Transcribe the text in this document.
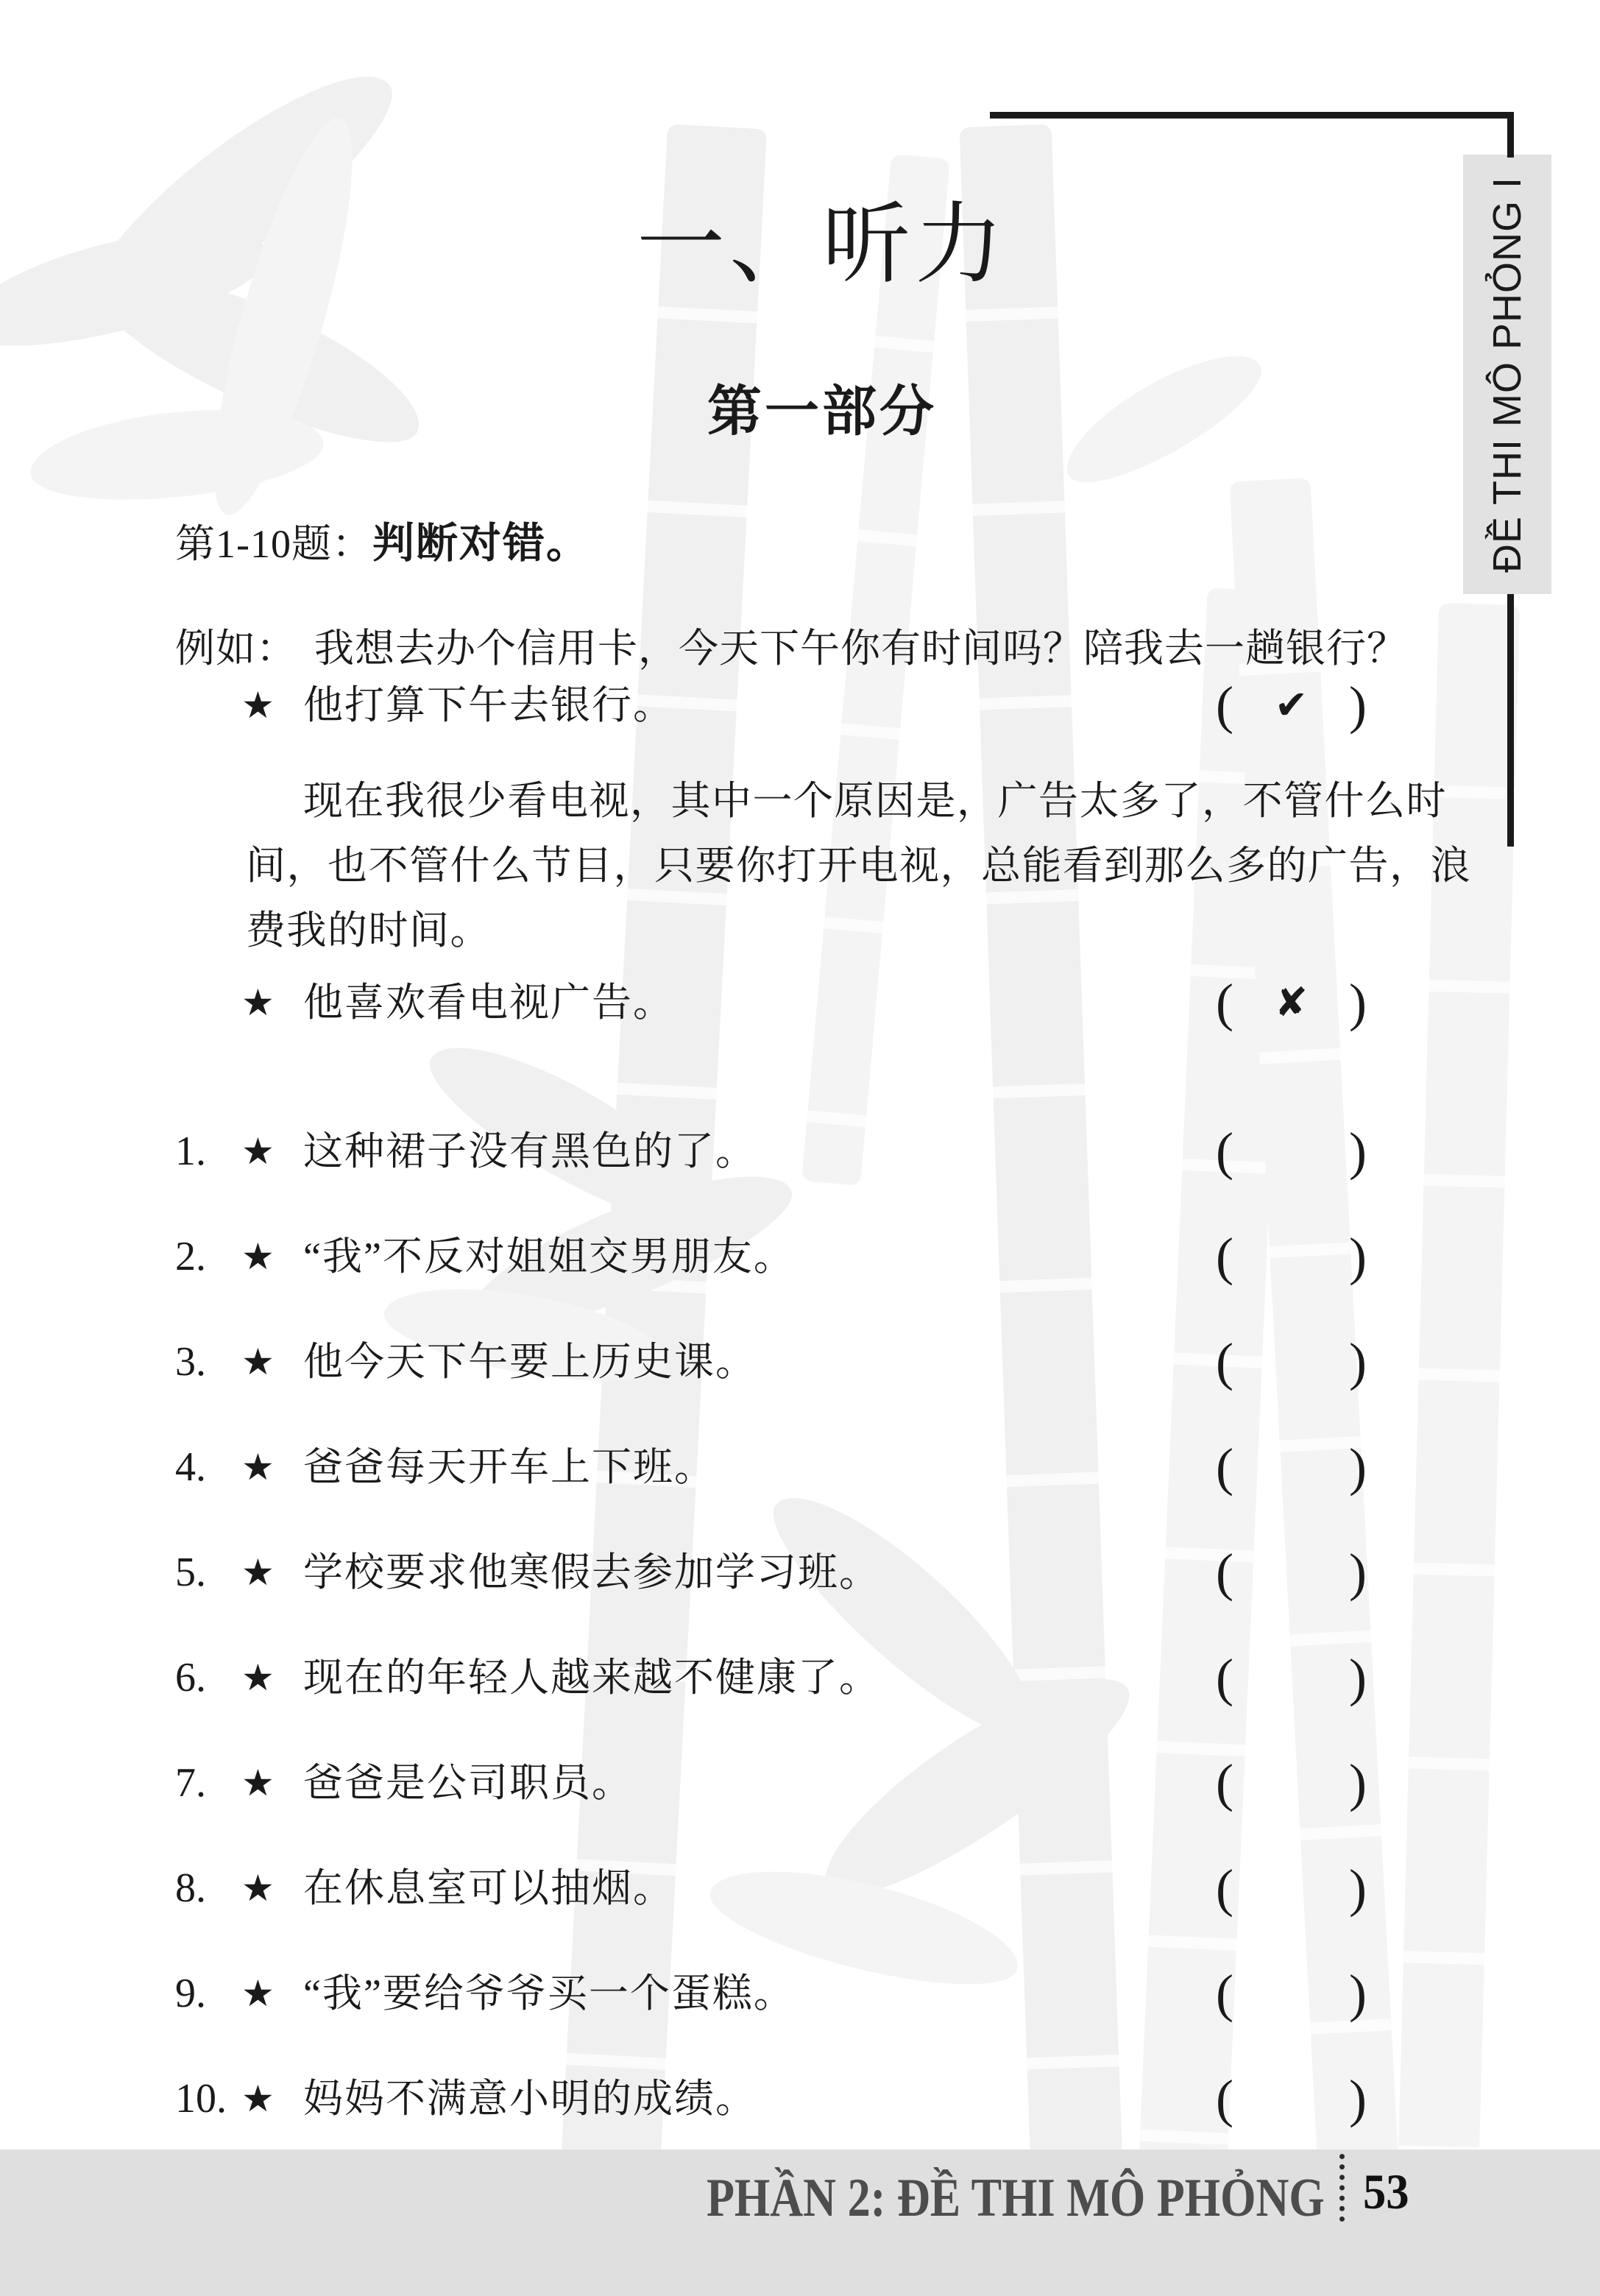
ĐỀ THI MÔ PHỎNG I
一、听力
第一部分
第1-10题：判断对错。
例如： 我想去办个信用卡，今天下午你有时间吗？陪我去一趟银行？
★ 他打算下午去银行。	( ✔ )
现在我很少看电视，其中一个原因是，广告太多了，不管什么时
间，也不管什么节目，只要你打开电视，总能看到那么多的广告，浪
费我的时间。
★ 他喜欢看电视广告。	( ✘ )
1. ★ 这种裙子没有黑色的了。	( )
2. ★ “我”不反对姐姐交男朋友。	( )
3. ★ 他今天下午要上历史课。	( )
4. ★ 爸爸每天开车上下班。	( )
5. ★ 学校要求他寒假去参加学习班。	( )
6. ★ 现在的年轻人越来越不健康了。	( )
7. ★ 爸爸是公司职员。	( )
8. ★ 在休息室可以抽烟。	( )
9. ★ “我”要给爷爷买一个蛋糕。	( )
10. ★ 妈妈不满意小明的成绩。	( )
PHẦN 2: ĐỀ THI MÔ PHỎNG 53
